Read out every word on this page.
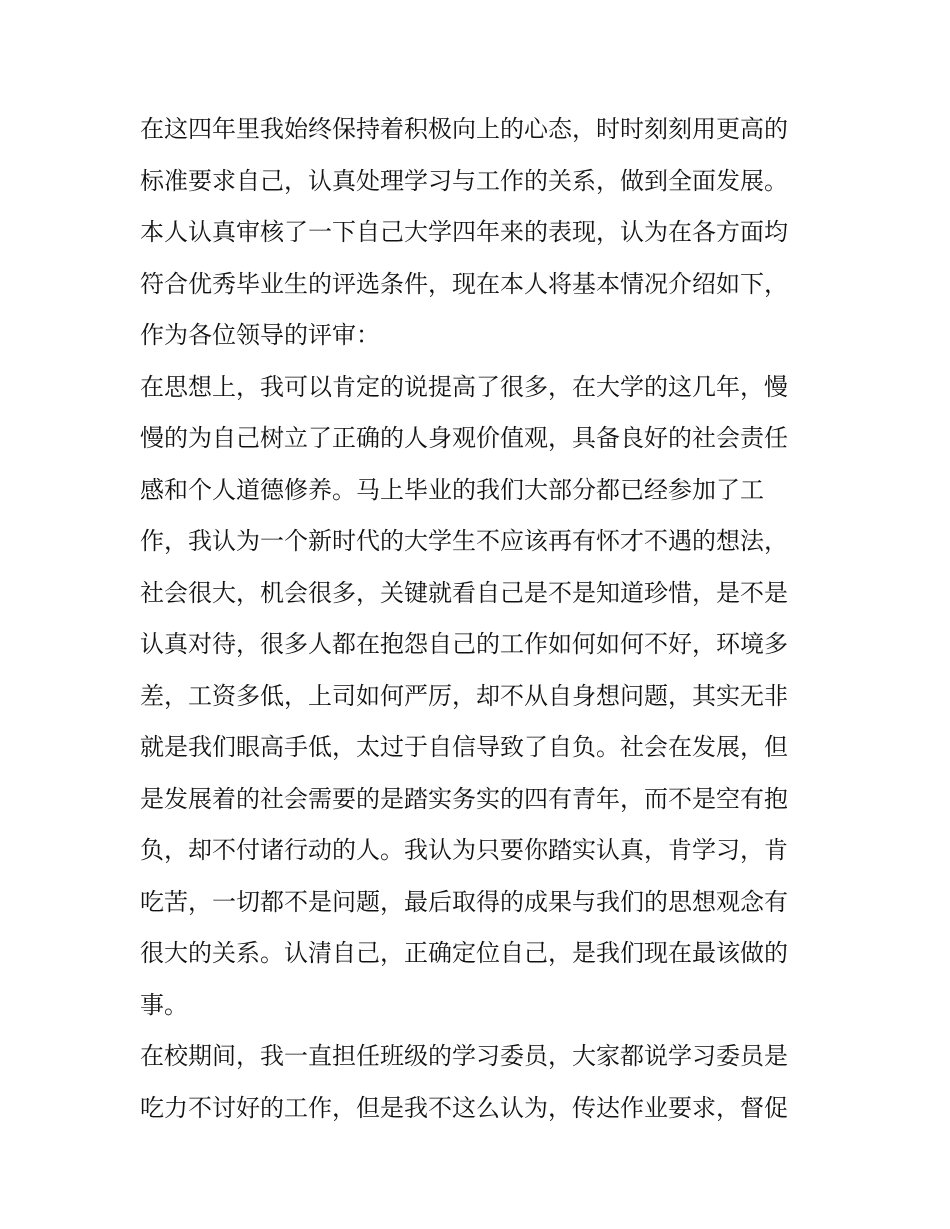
在这四年里我始终保持着积极向上的心态，时时刻刻用更高的
标准要求自己，认真处理学习与工作的关系，做到全面发展。
本人认真审核了一下自己大学四年来的表现，认为在各方面均
符合优秀毕业生的评选条件，现在本人将基本情况介绍如下，
作为各位领导的评审：
在思想上，我可以肯定的说提高了很多，在大学的这几年，慢
慢的为自己树立了正确的人身观价值观，具备良好的社会责任
感和个人道德修养。马上毕业的我们大部分都已经参加了工
作，我认为一个新时代的大学生不应该再有怀才不遇的想法，
社会很大，机会很多，关键就看自己是不是知道珍惜，是不是
认真对待，很多人都在抱怨自己的工作如何如何不好，环境多
差，工资多低，上司如何严厉，却不从自身想问题，其实无非
就是我们眼高手低，太过于自信导致了自负。社会在发展，但
是发展着的社会需要的是踏实务实的四有青年，而不是空有抱
负，却不付诸行动的人。我认为只要你踏实认真，肯学习，肯
吃苦，一切都不是问题，最后取得的成果与我们的思想观念有
很大的关系。认清自己，正确定位自己，是我们现在最该做的
事。
在校期间，我一直担任班级的学习委员，大家都说学习委员是
吃力不讨好的工作，但是我不这么认为，传达作业要求，督促
